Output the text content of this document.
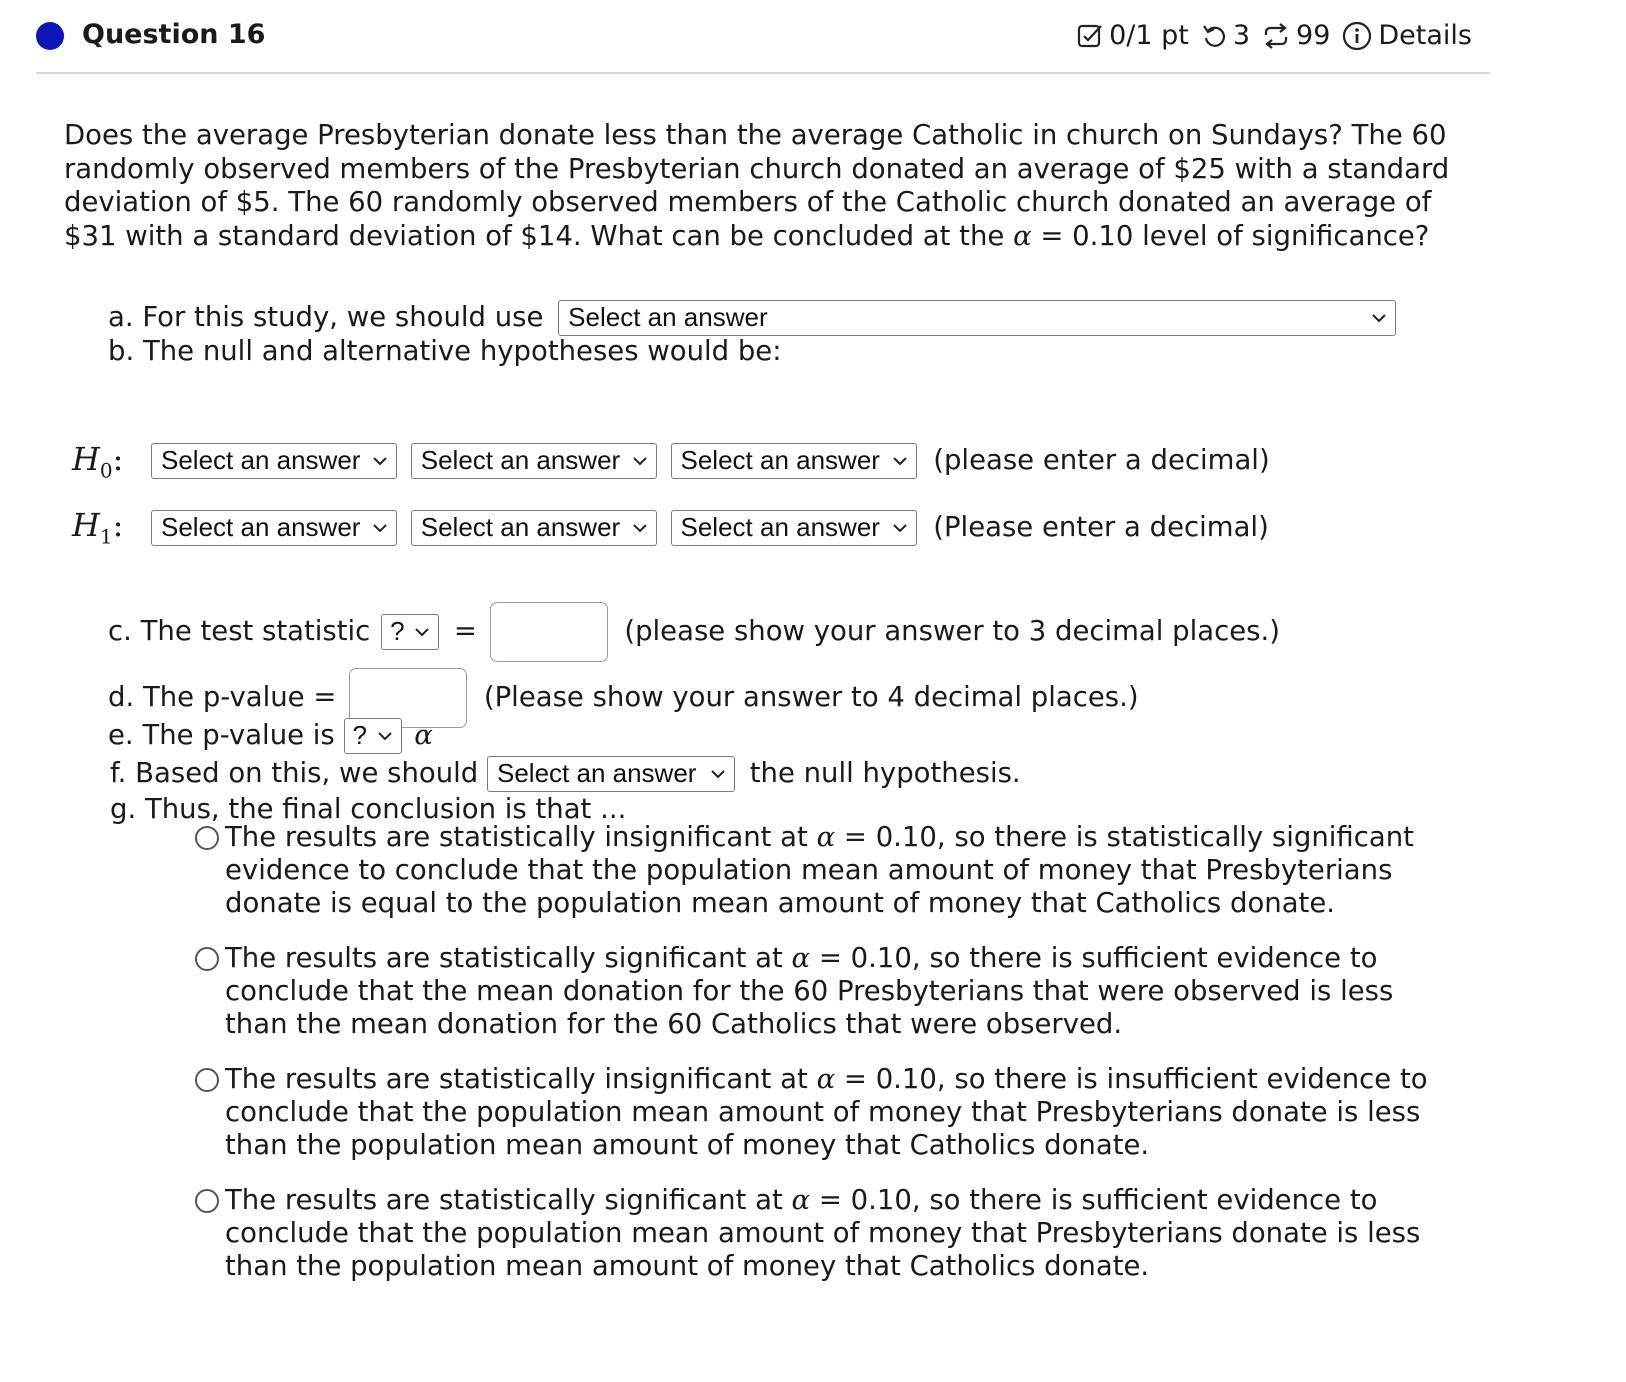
Question 16	0/1 pt 3 99 Details
Does the average Presbyterian donate less than the average Catholic in church on Sundays? The 60 randomly observed members of the Presbyterian church donated an average of $25 with a standard deviation of $5. The 60 randomly observed members of the Catholic church donated an average of $31 with a standard deviation of $14. What can be concluded at the α = 0.10 level of significance?
a. For this study, we should use Select an answer
b. The null and alternative hypotheses would be:
$H_0$:	Select an answer Select an answer Select an answer (please enter a decimal)
$H_1$:	Select an answer Select an answer Select an answer (Please enter a decimal)
c. The test statistic ? =	(please show your answer to 3 decimal places.)
d. The p-value =	(Please show your answer to 4 decimal places.)
e. The p-value is ? α
f. Based on this, we should Select an answer the null hypothesis.
g. Thus, the final conclusion is that ...
The results are statistically insignificant at α = 0.10, so there is statistically significant evidence to conclude that the population mean amount of money that Presbyterians donate is equal to the population mean amount of money that Catholics donate.
The results are statistically significant at α = 0.10, so there is sufficient evidence to conclude that the mean donation for the 60 Presbyterians that were observed is less than the mean donation for the 60 Catholics that were observed.
The results are statistically insignificant at α = 0.10, so there is insufficient evidence to conclude that the population mean amount of money that Presbyterians donate is less than the population mean amount of money that Catholics donate.
The results are statistically significant at α = 0.10, so there is sufficient evidence to conclude that the population mean amount of money that Presbyterians donate is less than the population mean amount of money that Catholics donate.
